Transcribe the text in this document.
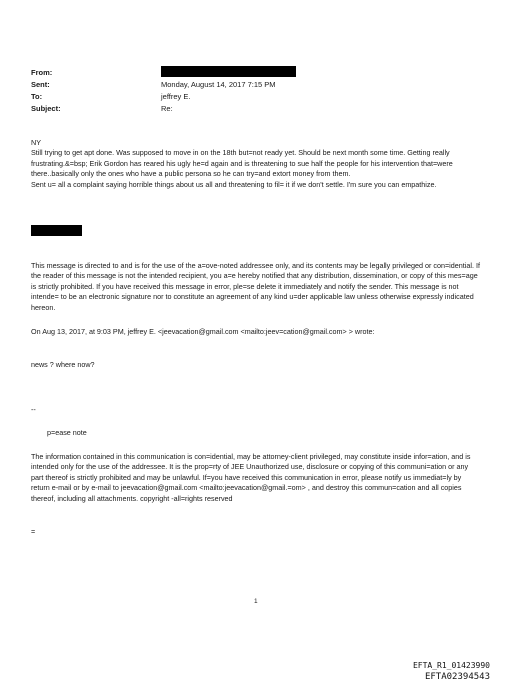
From:
Sent:	Monday, August 14, 2017 7:15 PM
To:	jeffrey E.
Subject:	Re:

NY

Still trying to get apt done. Was supposed to move in on the 18th but=not ready yet. Should be next month some time. Getting really frustrating.&=bsp; Erik Gordon has reared his ugly he=d again and is threatening to sue half the people for his intervention that=were there..basically only the ones who have a public persona so he can try=and extort money from them.

Sent u= all a complaint saying horrible things about us all and threatening to fil= it if we don't settle. I'm sure you can empathize.

This message is directed to and is for the use of the a=ove-noted addressee only, and its contents may be legally privileged or con=idential. If the reader of this message is not the intended recipient, you a=e hereby notified that any distribution, dissemination, or copy of this mes=age is strictly prohibited. If you have received this message in error, ple=se delete it immediately and notify the sender. This message is not intende= to be an electronic signature nor to constitute an agreement of any kind u=der applicable law unless otherwise expressly indicated hereon.
On Aug 13, 2017, at 9:03 PM, jeffrey E. <jeevacation@gmail.com <mailto:jeev=cation@gmail.com> > wrote:
news ? where now?
--
p=ease note
The information contained in this communication is con=idential, may be attorney-client privileged, may constitute inside infor=ation, and is intended only for the use of the addressee. It is the prop=rty of JEE Unauthorized use, disclosure or copying of this communi=ation or any part thereof is strictly prohibited and may be unlawful. If=you have received this communication in error, please notify us immediat=ly by return e-mail or by e-mail to jeevacation@gmail.com <mailto:jeevacation@gmail.=om> , and destroy this commun=cation and all copies thereof, including all attachments. copyright -all=rights reserved
=
1
EFTA_R1_01423990
EFTA02394543
